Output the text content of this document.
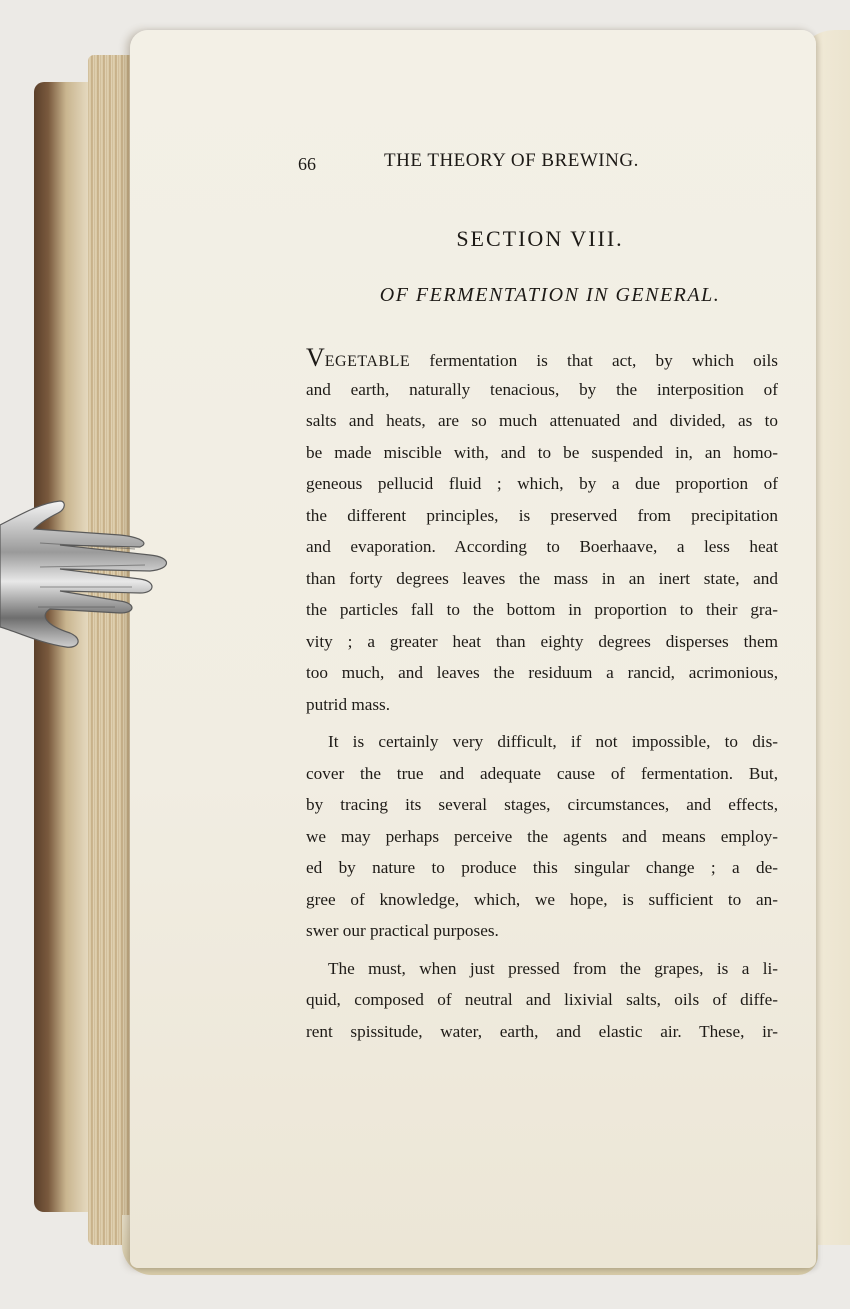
66	THE THEORY OF BREWING.
SECTION VIII.
OF FERMENTATION IN GENERAL.
VEGETABLE fermentation is that act, by which oils
and earth, naturally tenacious, by the interposition of
salts and heats, are so much attenuated and divided, as to
be made miscible with, and to be suspended in, an homo-
geneous pellucid fluid ; which, by a due proportion of
the different principles, is preserved from precipitation
and evaporation. According to Boerhaave, a less heat
than forty degrees leaves the mass in an inert state, and
the particles fall to the bottom in proportion to their gra-
vity ; a greater heat than eighty degrees disperses them
too much, and leaves the residuum a rancid, acrimonious,
putrid mass.
It is certainly very difficult, if not impossible, to dis-
cover the true and adequate cause of fermentation. But,
by tracing its several stages, circumstances, and effects,
we may perhaps perceive the agents and means employ-
ed by nature to produce this singular change ; a de-
gree of knowledge, which, we hope, is sufficient to an-
swer our practical purposes.
The must, when just pressed from the grapes, is a li-
quid, composed of neutral and lixivial salts, oils of diffe-
rent spissitude, water, earth, and elastic air. These, ir-
